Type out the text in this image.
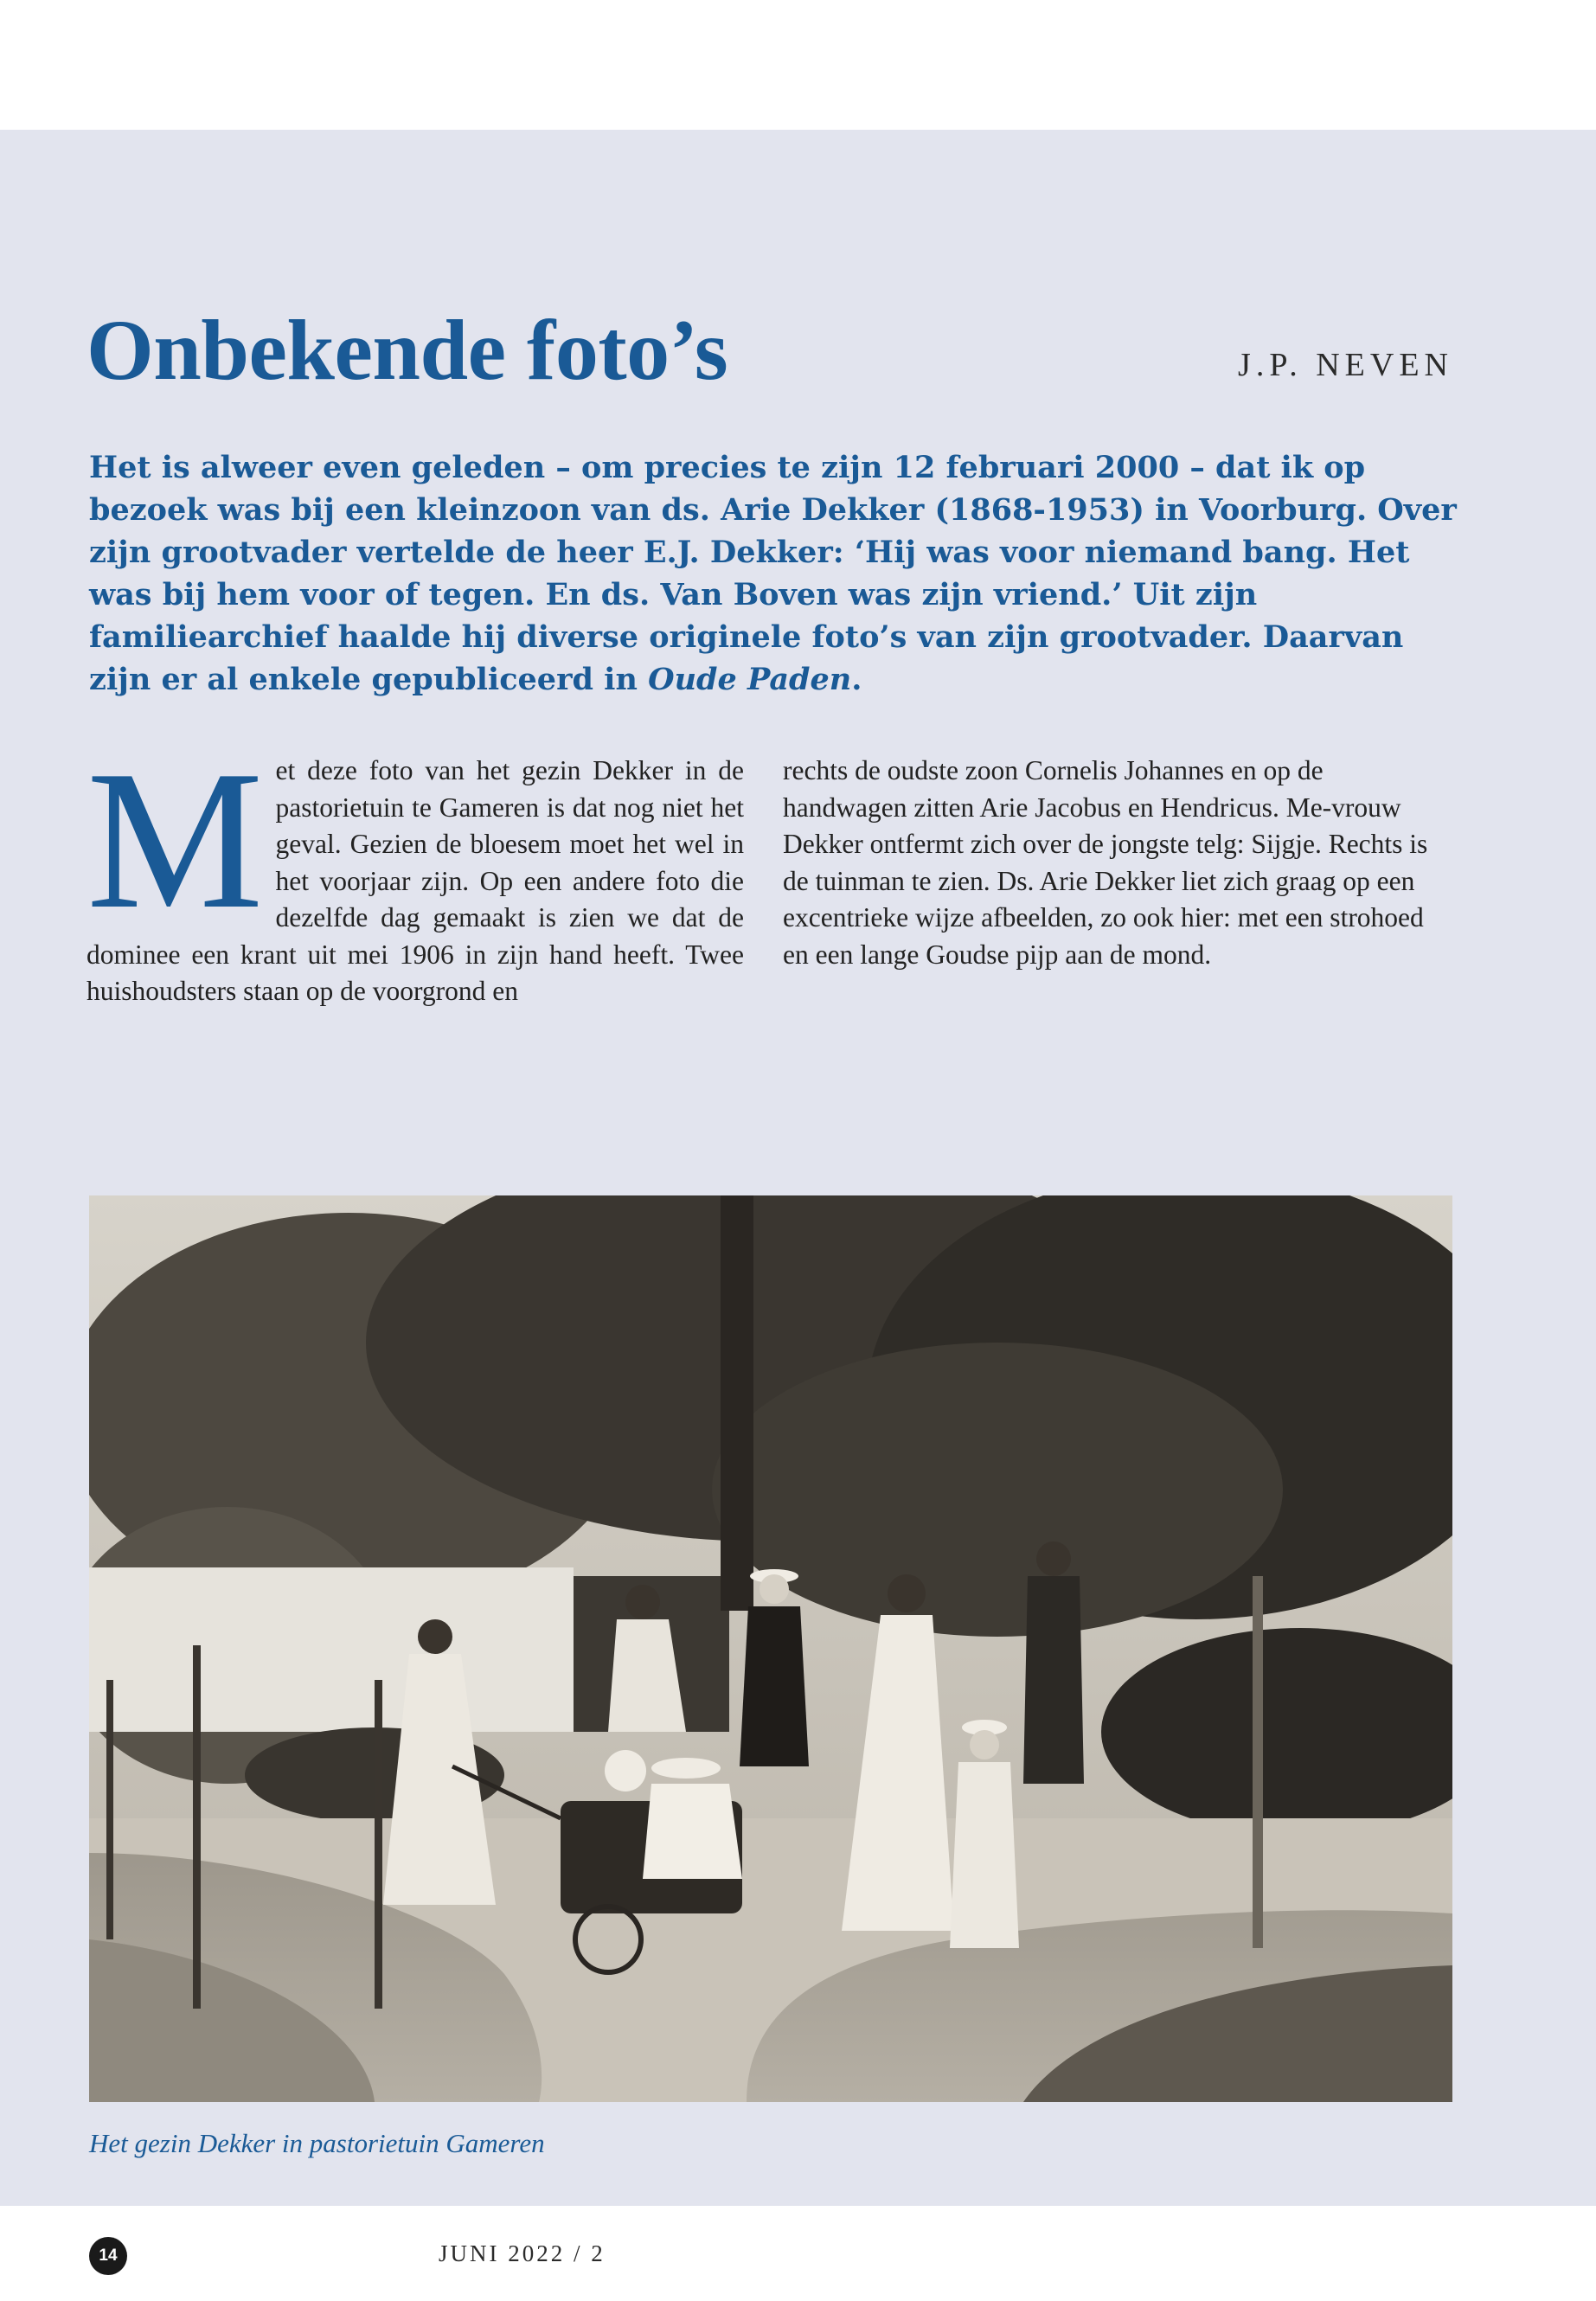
Onbekende foto’s	J.P. NEVEN

Het is alweer even geleden – om precies te zijn 12 februari 2000 – dat ik op bezoek was bij een kleinzoon van ds. Arie Dekker (1868-1953) in Voorburg. Over zijn grootvader vertelde de heer E.J. Dekker: ‘Hij was voor niemand bang. Het was bij hem voor of tegen. En ds. Van Boven was zijn vriend.’ Uit zijn familiearchief haalde hij diverse originele foto’s van zijn grootvader. Daarvan zijn er al enkele gepubliceerd in Oude Paden.

Met deze foto van het gezin Dekker in de pastorietuin te Gameren is dat nog niet het geval. Gezien de bloesem moet het wel in het voorjaar zijn. Op een andere foto die dezelfde dag gemaakt is zien we dat de dominee een krant uit mei 1906 in zijn hand heeft. Twee huishoudsters staan op de voorgrond en

rechts de oudste zoon Cornelis Johannes en op de handwagen zitten Arie Jacobus en Hendricus. Me-vrouw Dekker ontfermt zich over de jongste telg: Sijgje. Rechts is de tuinman te zien. Ds. Arie Dekker liet zich graag op een excentrieke wijze afbeelden, zo ook hier: met een strohoed en een lange Goudse pijp aan de mond.

Het gezin Dekker in pastorietuin Gameren
14	JUNI 2022 / 2
